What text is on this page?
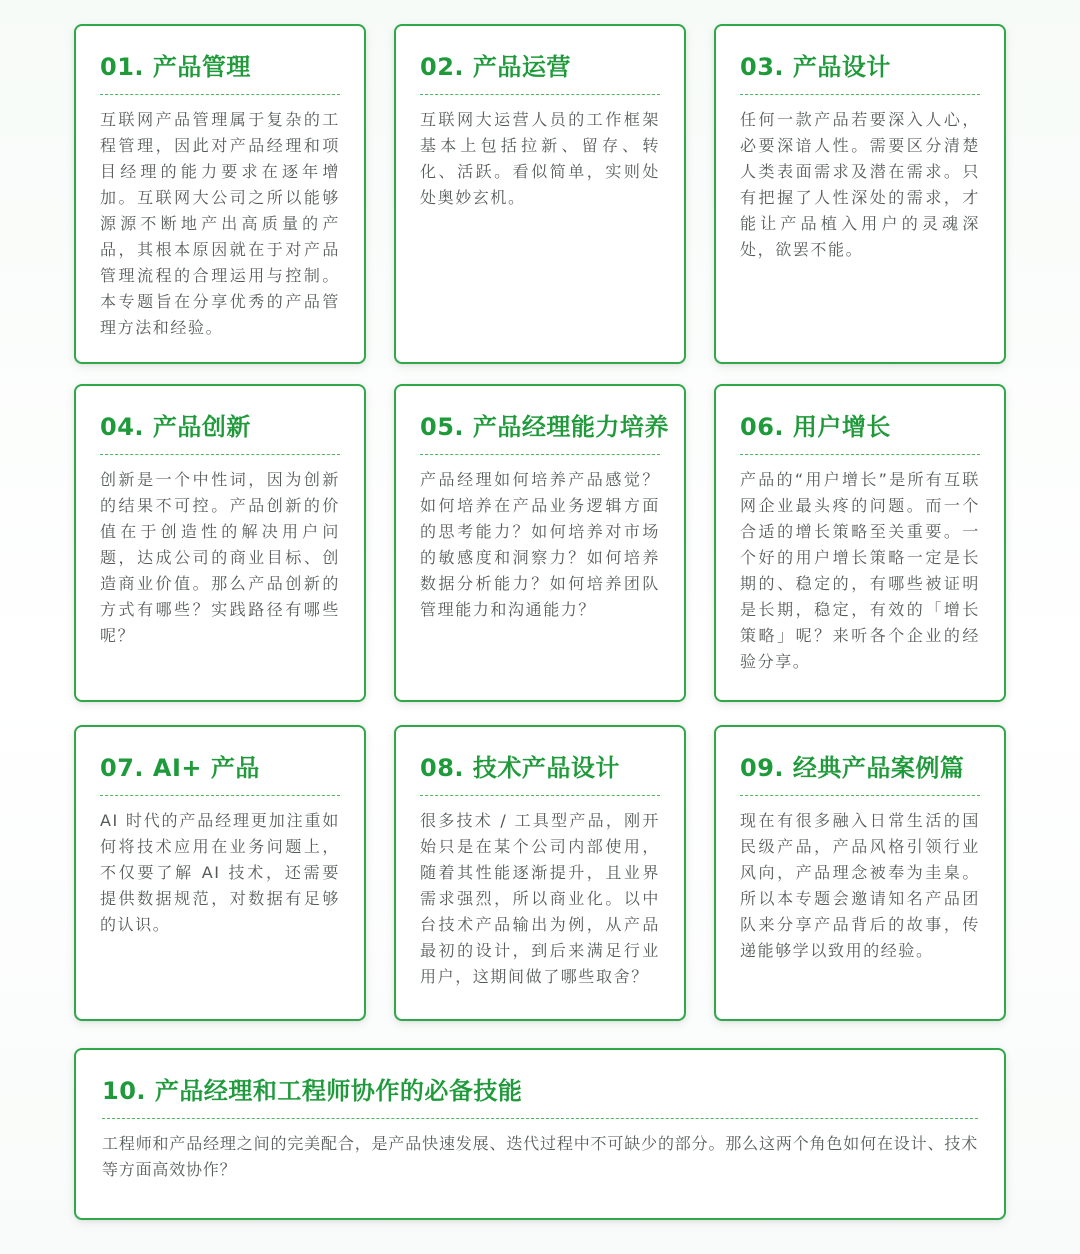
01. 产品管理
互联网产品管理属于复杂的工程管理，因此对产品经理和项目经理的能力要求在逐年增加。互联网大公司之所以能够源源不断地产出高质量的产品，其根本原因就在于对产品管理流程的合理运用与控制。本专题旨在分享优秀的产品管理方法和经验。
02. 产品运营
互联网大运营人员的工作框架基本上包括拉新、留存、转化、活跃。看似简单，实则处处奥妙玄机。
03. 产品设计
任何一款产品若要深入人心，必要深谙人性。需要区分清楚人类表面需求及潜在需求。只有把握了人性深处的需求，才能让产品植入用户的灵魂深处，欲罢不能。
04. 产品创新
创新是一个中性词，因为创新的结果不可控。产品创新的价值在于创造性的解决用户问题，达成公司的商业目标、创造商业价值。那么产品创新的方式有哪些？实践路径有哪些呢？
05. 产品经理能力培养
产品经理如何培养产品感觉？如何培养在产品业务逻辑方面的思考能力？如何培养对市场的敏感度和洞察力？如何培养数据分析能力？如何培养团队管理能力和沟通能力？
06. 用户增长
产品的“用户增长”是所有互联网企业最头疼的问题。而一个合适的增长策略至关重要。一个好的用户增长策略一定是长期的、稳定的，有哪些被证明是长期，稳定，有效的「增长策略」呢？来听各个企业的经验分享。
07. AI+ 产品
AI 时代的产品经理更加注重如何将技术应用在业务问题上，不仅要了解 AI 技术，还需要提供数据规范，对数据有足够的认识。
08. 技术产品设计
很多技术 / 工具型产品，刚开始只是在某个公司内部使用，随着其性能逐渐提升，且业界需求强烈，所以商业化。以中台技术产品输出为例，从产品最初的设计，到后来满足行业用户，这期间做了哪些取舍？
09. 经典产品案例篇
现在有很多融入日常生活的国民级产品，产品风格引领行业风向，产品理念被奉为圭臬。所以本专题会邀请知名产品团队来分享产品背后的故事，传递能够学以致用的经验。
10. 产品经理和工程师协作的必备技能
工程师和产品经理之间的完美配合，是产品快速发展、迭代过程中不可缺少的部分。那么这两个角色如何在设计、技术等方面高效协作？
